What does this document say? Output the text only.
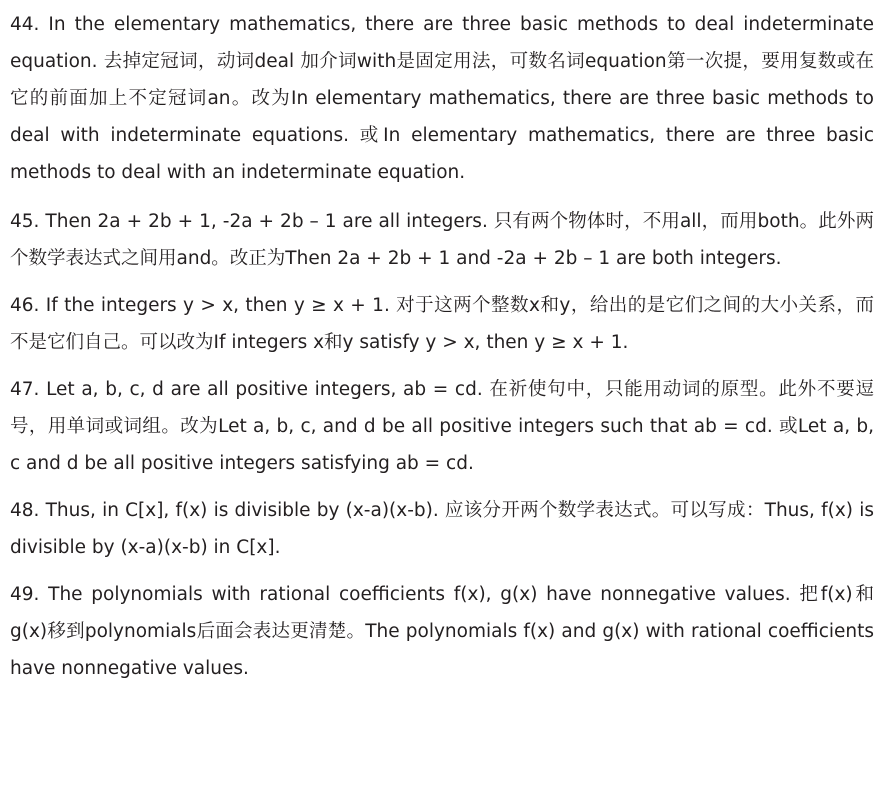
44. In the elementary mathematics, there are three basic methods to deal indeterminate equation. 去掉定冠词，动词deal 加介词with是固定用法，可数名词equation第一次提，要用复数或在它的前面加上不定冠词an。改为In elementary mathematics, there are three basic methods to deal with indeterminate equations. 或In elementary mathematics, there are three basic methods to deal with an indeterminate equation.

45. Then 2a + 2b + 1, -2a + 2b – 1 are all integers. 只有两个物体时，不用all，而用both。此外两个数学表达式之间用and。改正为Then 2a + 2b + 1 and -2a + 2b – 1 are both integers.

46. If the integers y > x, then y ≥ x + 1. 对于这两个整数x和y，给出的是它们之间的大小关系，而不是它们自己。可以改为If integers x和y satisfy y > x, then y ≥ x + 1.

47. Let a, b, c, d are all positive integers, ab = cd. 在祈使句中，只能用动词的原型。此外不要逗号，用单词或词组。改为Let a, b, c, and d be all positive integers such that ab = cd. 或Let a, b, c and d be all positive integers satisfying ab = cd.

48. Thus, in C[x], f(x) is divisible by (x-a)(x-b). 应该分开两个数学表达式。可以写成：Thus, f(x) is divisible by (x-a)(x-b) in C[x].

49. The polynomials with rational coefficients f(x), g(x) have nonnegative values. 把f(x)和g(x)移到polynomials后面会表达更清楚。The polynomials f(x) and g(x) with rational coefficients have nonnegative values.
